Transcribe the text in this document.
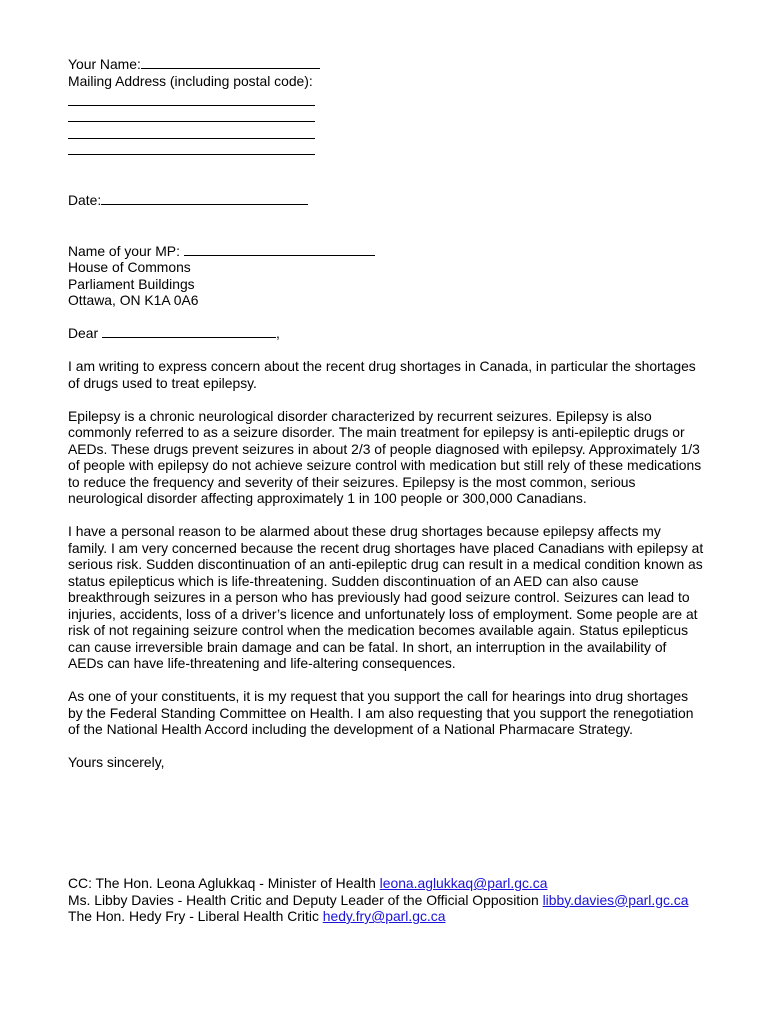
Your Name:
Mailing Address (including postal code):
Date:
Name of your MP:
House of Commons
Parliament Buildings
Ottawa, ON K1A 0A6
Dear	,
I am writing to express concern about the recent drug shortages in Canada, in particular the shortages
of drugs used to treat epilepsy.
Epilepsy is a chronic neurological disorder characterized by recurrent seizures. Epilepsy is also
commonly referred to as a seizure disorder. The main treatment for epilepsy is anti-epileptic drugs or
AEDs. These drugs prevent seizures in about 2/3 of people diagnosed with epilepsy. Approximately 1/3
of people with epilepsy do not achieve seizure control with medication but still rely of these medications
to reduce the frequency and severity of their seizures. Epilepsy is the most common, serious
neurological disorder affecting approximately 1 in 100 people or 300,000 Canadians.
I have a personal reason to be alarmed about these drug shortages because epilepsy affects my
family. I am very concerned because the recent drug shortages have placed Canadians with epilepsy at
serious risk. Sudden discontinuation of an anti-epileptic drug can result in a medical condition known as
status epilepticus which is life-threatening. Sudden discontinuation of an AED can also cause
breakthrough seizures in a person who has previously had good seizure control. Seizures can lead to
injuries, accidents, loss of a driver’s licence and unfortunately loss of employment. Some people are at
risk of not regaining seizure control when the medication becomes available again. Status epilepticus
can cause irreversible brain damage and can be fatal. In short, an interruption in the availability of
AEDs can have life-threatening and life-altering consequences.
As one of your constituents, it is my request that you support the call for hearings into drug shortages
by the Federal Standing Committee on Health. I am also requesting that you support the renegotiation
of the National Health Accord including the development of a National Pharmacare Strategy.
Yours sincerely,
CC: The Hon. Leona Aglukkaq - Minister of Health leona.aglukkaq@parl.gc.ca
Ms. Libby Davies - Health Critic and Deputy Leader of the Official Opposition libby.davies@parl.gc.ca
The Hon. Hedy Fry - Liberal Health Critic hedy.fry@parl.gc.ca
